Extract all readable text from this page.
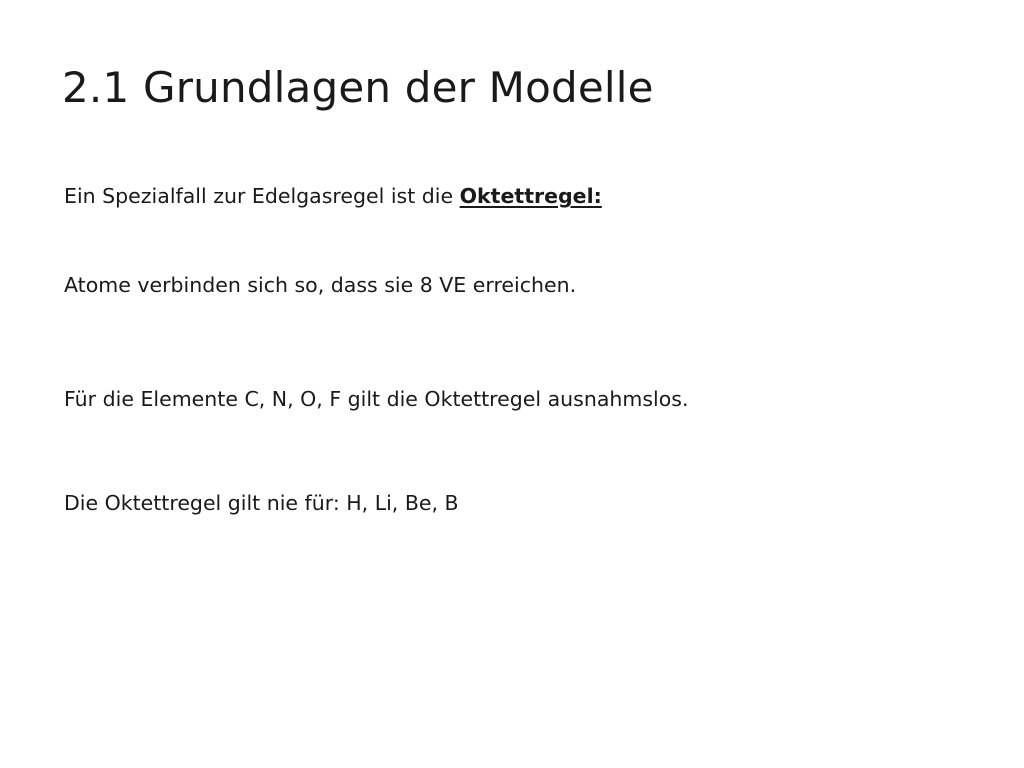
2.1 Grundlagen der Modelle

Ein Spezialfall zur Edelgasregel ist die Oktettregel:

Atome verbinden sich so, dass sie 8 VE erreichen.

Für die Elemente C, N, O, F gilt die Oktettregel ausnahmslos.

Die Oktettregel gilt nie für: H, Li, Be, B
